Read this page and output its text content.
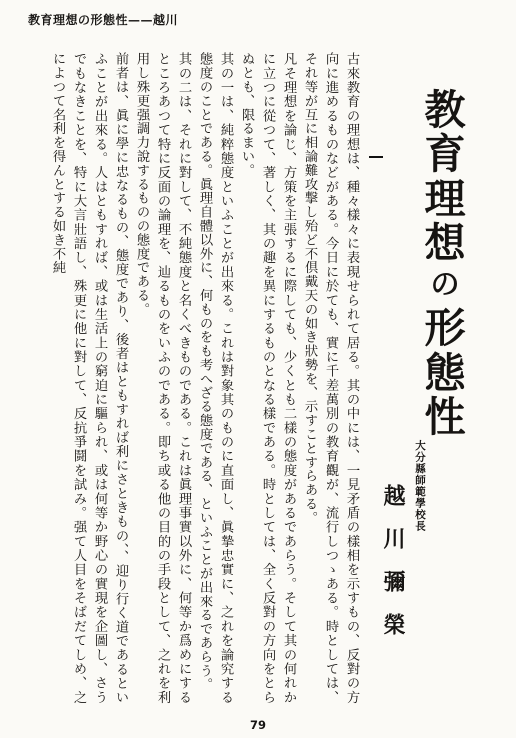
教育理想の形態性——越川
教
育
理
想
の
形
態
性
大分縣師範學校長
越川彌榮

古來教育の理想は、種々樣々に表現せられて居る。其の中には、一見矛盾の樣相を示すもの、反對の方向に進めるものなどがある。今日に於ても、實に千差萬別の教育觀が、流行しつゝある。時としては、それ等が互に相論難攻撃し殆ど不倶戴天の如き狀勢を、示すことすらある。

凡そ理想を論じ、方策を主張するに際しても、少くとも二樣の態度があるであらう。そして其の何れかに立つに從つて、著しく、其の趣を異にするものとなる樣である。時としては、全く反對の方向をとらぬとも、限るまい。

其の一は、純粹態度といふことが出來る。これは對象其のものに直面し、眞摯忠實に、之れを論究する態度のことである。眞理自體以外に、何ものをも考へざる態度である、といふことが出來るであらう。

其の二は、それに對して、不純態度と名くべきものである。これは眞理事實以外に、何等か爲めにするところあつて特に反面の論理を、辿るものをいふのである。即ち或る他の目的の手段として、之れを利用し殊更强調力說するものの態度である。

前者は、眞に學に忠なるもの、態度であり、後者はともすれば利にさときもの、、迎り行く道であるといふことが出來る。人はともすれば、或は生活上の窮迫に驅られ、或は何等か野心の實現を企圖し、さうでもなきことを、特に大言壯語し、殊更に他に對して、反抗爭鬪を試み。强て人目をそばだてしめ、之によつて名利を得んとする如き不純

79
